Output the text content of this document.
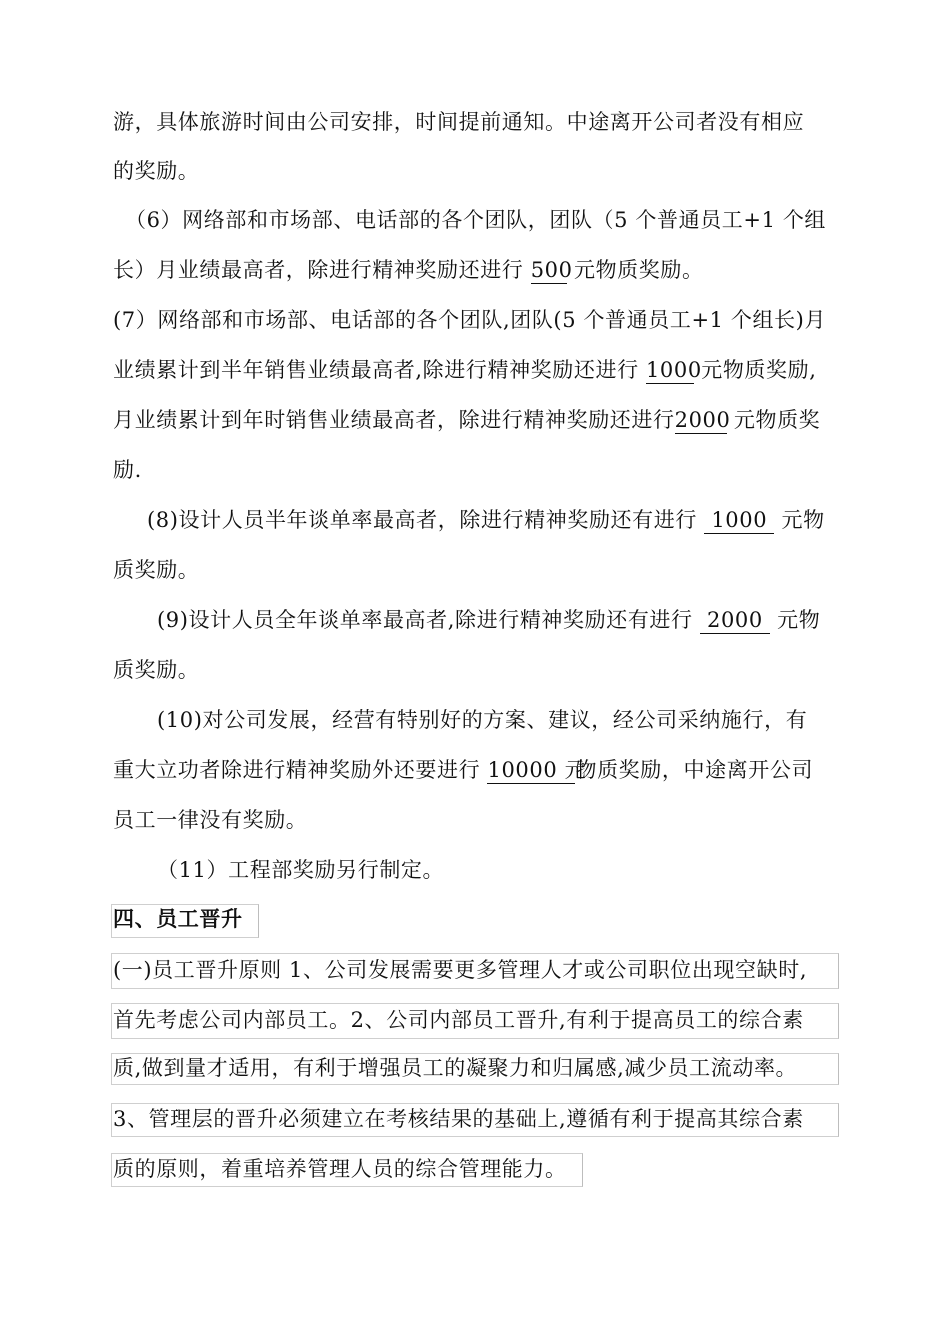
游，具体旅游时间由公司安排，时间提前通知。中途离开公司者没有相应
的奖励。
（6）网络部和市场部、电话部的各个团队，团队（5 个普通员工+1 个组
长）月业绩最高者，除进行精神奖励还进行 500 元物质奖励。
(7）网络部和市场部、电话部的各个团队,团队(5 个普通员工+1 个组长)月
业绩累计到半年销售业绩最高者,除进行精神奖励还进行 1000 元物质奖励,
月业绩累计到年时销售业绩最高者，除进行精神奖励还进行2000 元物质奖
励.
(8)设计人员半年谈单率最高者，除进行精神奖励还有进行 1000 元物
质奖励。
(9)设计人员全年谈单率最高者,除进行精神奖励还有进行 2000 元物
质奖励。
(10)对公司发展，经营有特别好的方案、建议，经公司采纳施行，有
重大立功者除进行精神奖励外还要进行 10000 元物质奖励，中途离开公司
员工一律没有奖励。
（11）工程部奖励另行制定。
四、员工晋升
(一)员工晋升原则 1、公司发展需要更多管理人才或公司职位出现空缺时,
首先考虑公司内部员工。2、公司内部员工晋升,有利于提高员工的综合素
质,做到量才适用，有利于增强员工的凝聚力和归属感,减少员工流动率。
3、管理层的晋升必须建立在考核结果的基础上,遵循有利于提高其综合素
质的原则，着重培养管理人员的综合管理能力。
